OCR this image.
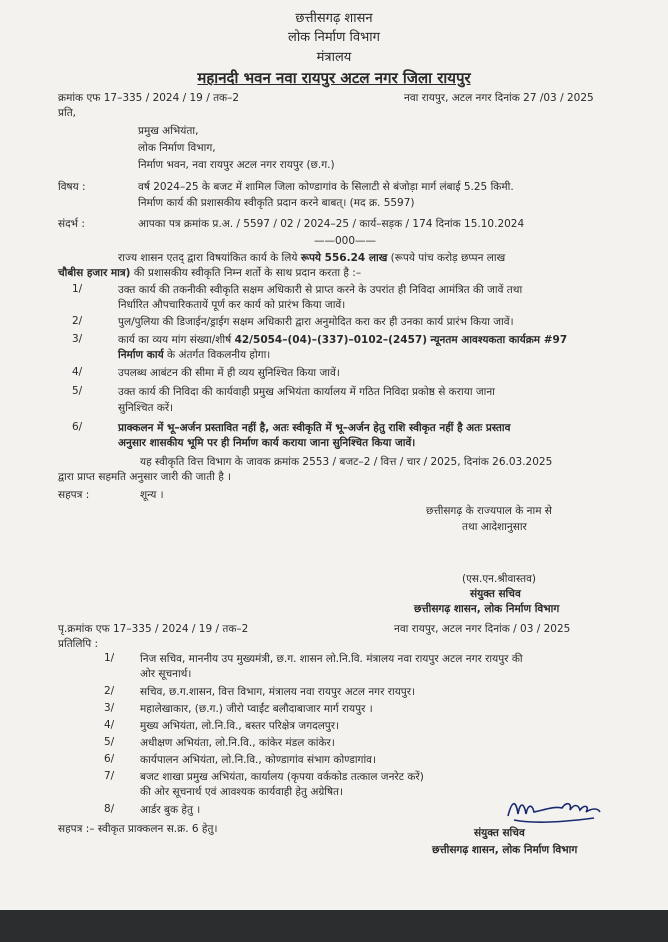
छत्तीसगढ़ शासन
लोक निर्माण विभाग
मंत्रालय
महानदी भवन नवा रायपुर अटल नगर जिला रायपुर
क्रमांक एफ 17–335 / 2024 / 19 / तक–2	नवा रायपुर, अटल नगर दिनांक 27 /03 / 2025
प्रति,
प्रमुख अभियंता,
लोक निर्माण विभाग,
निर्माण भवन, नवा रायपुर अटल नगर रायपुर (छ.ग.)
विषय :	वर्ष 2024–25 के बजट में शामिल जिला कोण्डागांव के सिलाटी से बंजोड़ा मार्ग लंबाई 5.25 किमी.
निर्माण कार्य की प्रशासकीय स्वीकृति प्रदान करने बाबत्। (मद क्र. 5597)
संदर्भ :	आपका पत्र क्रमांक प्र.अ. / 5597 / 02 / 2024–25 / कार्य–सड़क / 174 दिनांक 15.10.2024
——000——
राज्य शासन एतद् द्वारा विषयांकित कार्य के लिये रूपये 556.24 लाख (रूपये पांच करोड़ छप्पन लाख
चौबीस हजार मात्र) की प्रशासकीय स्वीकृति निम्न शर्तो के साथ प्रदान करता है :–
1/	उक्त कार्य की तकनीकी स्वीकृति सक्षम अधिकारी से प्राप्त करने के उपरांत ही निविदा आमंत्रित की जावें तथा
निर्धारित औपचारिकतायें पूर्ण कर कार्य को प्रारंभ किया जावें।
2/	पुल/पुलिया की डिजाईन/ड्राईग सक्षम अधिकारी द्वारा अनुमोदित करा कर ही उनका कार्य प्रारंभ किया जावें।
3/	कार्य का व्यय मांग संख्या/शीर्ष 42/5054–(04)–(337)–0102–(2457) न्यूनतम आवश्यकता कार्यक्रम #97
निर्माण कार्य के अंतर्गत विकलनीय होगा।
4/	उपलब्ध आबंटन की सीमा में ही व्यय सुनिश्चित किया जावें।
5/	उक्त कार्य की निविदा की कार्यवाही प्रमुख अभियंता कार्यालय में गठित निविदा प्रकोष्ठ से कराया जाना
सुनिश्चित करें।
6/	प्राक्कलन में भू–अर्जन प्रस्तावित नहीं है, अतः स्वीकृति में भू–अर्जन हेतु राशि स्वीकृत नहीं है अतः प्रस्ताव
अनुसार शासकीय भूमि पर ही निर्माण कार्य कराया जाना सुनिश्चित किया जावें।
यह स्वीकृति वित्त विभाग के जावक क्रमांक 2553 / बजट–2 / वित्त / चार / 2025, दिनांक 26.03.2025
द्वारा प्राप्त सहमति अनुसार जारी की जाती है ।
सहपत्र :	शून्य ।
छत्तीसगढ़ के राज्यपाल के नाम से
तथा आदेशानुसार
(एस.एन.श्रीवास्तव)
संयुक्त सचिव
छत्तीसगढ़ शासन, लोक निर्माण विभाग
पृ.क्रमांक एफ 17–335 / 2024 / 19 / तक–2	नवा रायपुर, अटल नगर दिनांक / 03 / 2025
प्रतिलिपि :
1/ निज सचिव, माननीय उप मुख्यमंत्री, छ.ग. शासन लो.नि.वि. मंत्रालय नवा रायपुर अटल नगर रायपुर की
ओर सूचनार्थ।
2/ सचिव, छ.ग.शासन, वित्त विभाग, मंत्रालय नवा रायपुर अटल नगर रायपुर।
3/ महालेखाकार, (छ.ग.) जीरो प्वाईंट बलौदाबाजार मार्ग रायपुर ।
4/ मुख्य अभियंता, लो.नि.वि., बस्तर परिक्षेत्र जगदलपुर।
5/ अधीक्षण अभियंता, लो.नि.वि., कांकेर मंडल कांकेर।
6/ कार्यपालन अभियंता, लो.नि.वि., कोण्डागांव संभाग कोण्डागांव।
7/ बजट शाखा प्रमुख अभियंता, कार्यालय (कृपया वर्ककोड तत्काल जनरेट करें)
की ओर सूचनार्थ एवं आवश्यक कार्यवाही हेतु अग्रेषित।
8/ आर्डर बुक हेतु ।
सहपत्र :– स्वीकृत प्राक्कलन स.क्र. 6 हेतु।	संयुक्त सचिव
छत्तीसगढ़ शासन, लोक निर्माण विभाग
